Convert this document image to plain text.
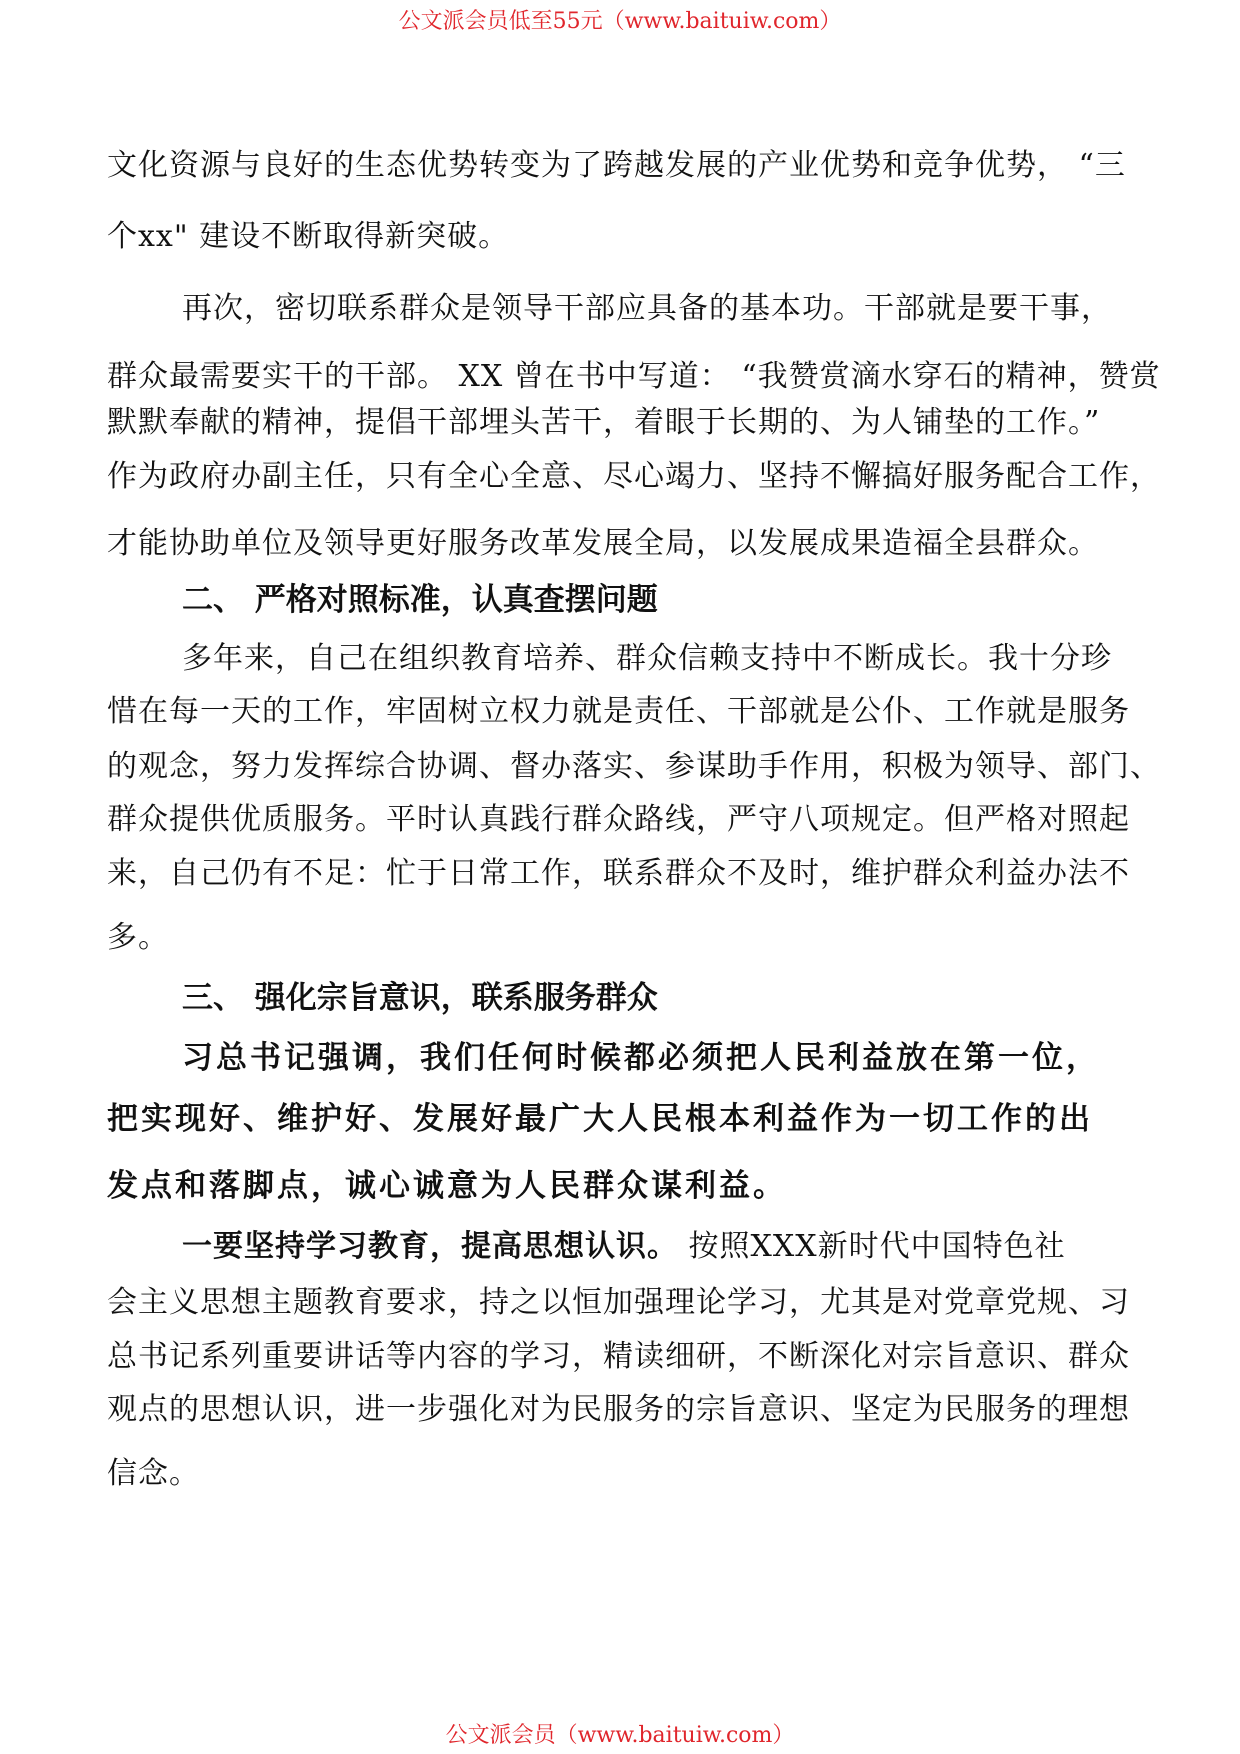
公文派会员低至55元（www.baituiw.com）
文化资源与良好的生态优势转变为了跨越发展的产业优势和竞争优势， “三
个xx" 建设不断取得新突破。
再次，密切联系群众是领导干部应具备的基本功。干部就是要干事，
群众最需要实干的干部。 XX 曾在书中写道： “我赞赏滴水穿石的精神，赞赏
默默奉献的精神，提倡干部埋头苦干，着眼于长期的、为人铺垫的工作。”
作为政府办副主任，只有全心全意、尽心竭力、坚持不懈搞好服务配合工作，
才能协助单位及领导更好服务改革发展全局，以发展成果造福全县群众。
二、 严格对照标准，认真查摆问题
多年来，自己在组织教育培养、群众信赖支持中不断成长。我十分珍
惜在每一天的工作，牢固树立权力就是责任、干部就是公仆、工作就是服务
的观念，努力发挥综合协调、督办落实、参谋助手作用，积极为领导、部门、
群众提供优质服务。平时认真践行群众路线，严守八项规定。但严格对照起
来，自己仍有不足：忙于日常工作，联系群众不及时，维护群众利益办法不
多。
三、 强化宗旨意识，联系服务群众
习总书记强调，我们任何时候都必须把人民利益放在第一位，
把实现好、维护好、发展好最广大人民根本利益作为一切工作的出
发点和落脚点，诚心诚意为人民群众谋利益。
一要坚持学习教育，提高思想认识。 按照XXX新时代中国特色社
会主义思想主题教育要求，持之以恒加强理论学习，尤其是对党章党规、习
总书记系列重要讲话等内容的学习，精读细研，不断深化对宗旨意识、群众
观点的思想认识，进一步强化对为民服务的宗旨意识、坚定为民服务的理想
信念。
公文派会员（www.baituiw.com）
